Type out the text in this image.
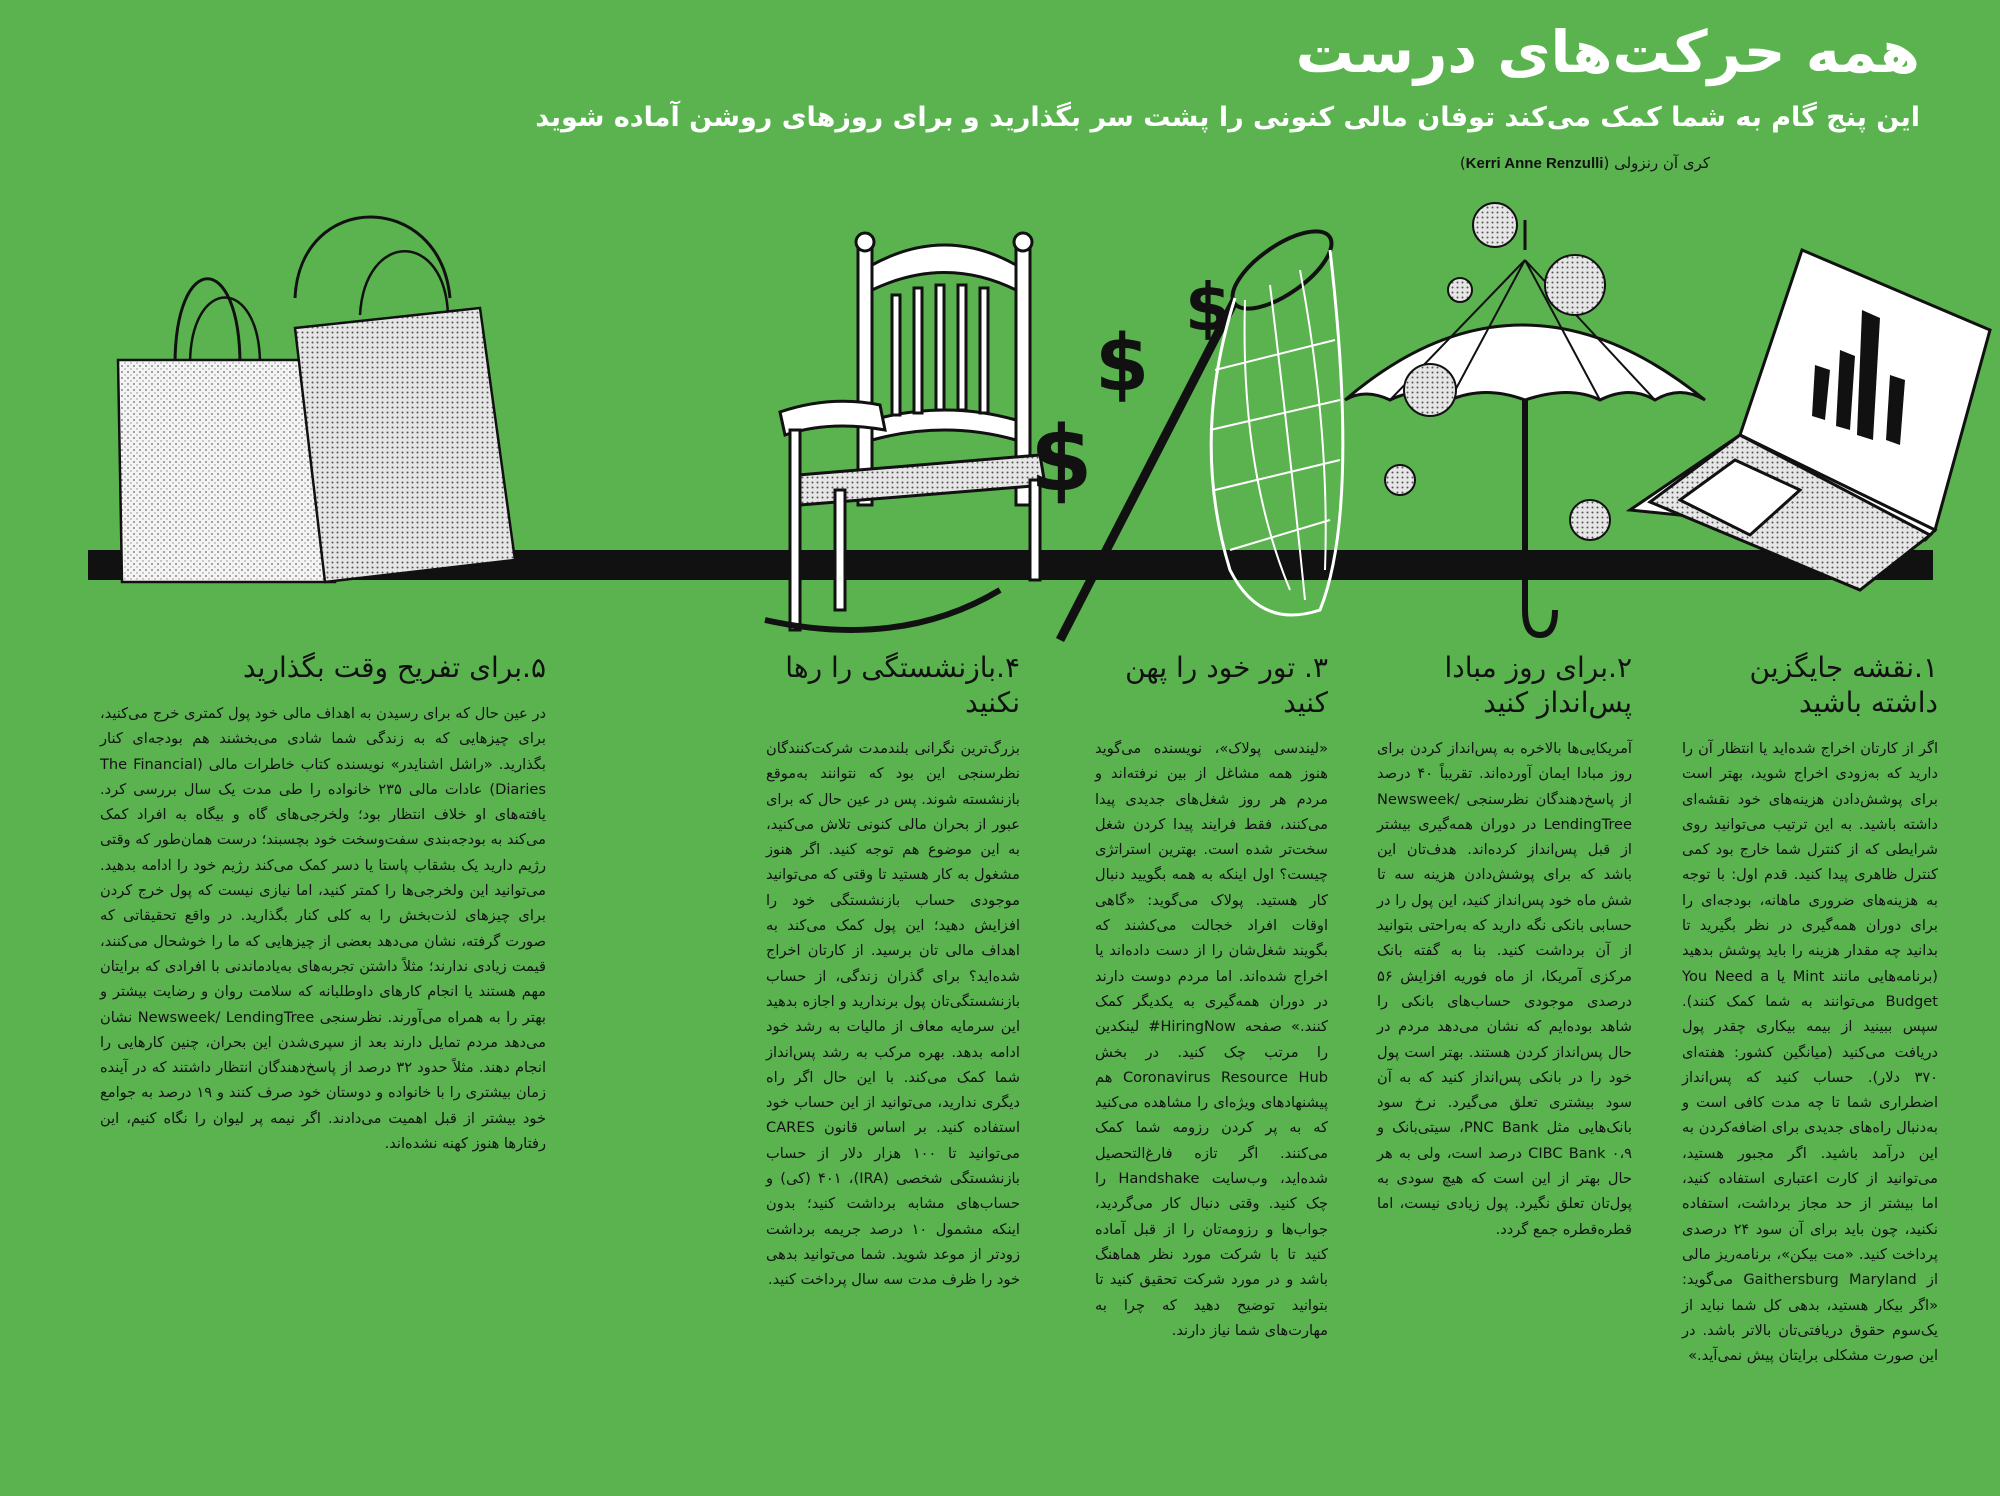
همه حرکت‌های درست

این پنج گام به شما کمک می‌کند توفان مالی کنونی را پشت سر بگذارید و برای روزهای روشن آماده شوید

کری آن رنزولی (Kerri Anne Renzulli)

$
$
$
۱.نقشه جایگزین داشته باشید

اگر از کارتان اخراج شده‌اید یا انتظار آن را دارید که به‌زودی اخراج شوید، بهتر است برای پوشش‌دادن هزینه‌های خود نقشه‌ای داشته باشید. به این ترتیب می‌توانید روی شرایطی که از کنترل شما خارج بود کمی کنترل ظاهری پیدا کنید. قدم اول: با توجه به هزینه‌های ضروری ماهانه، بودجه‌ای را برای دوران همه‌گیری در نظر بگیرید تا بدانید چه مقدار هزینه را باید پوشش بدهید (برنامه‌هایی مانند Mint یا You Need a Budget می‌توانند به شما کمک کنند). سپس ببینید از بیمه بیکاری چقدر پول دریافت می‌کنید (میانگین کشور: هفته‌ای ۳۷۰ دلار). حساب کنید که پس‌انداز اضطراری شما تا چه مدت کافی است و به‌دنبال راه‌های جدیدی برای اضافه‌کردن به این درآمد باشید. اگر مجبور هستید، می‌توانید از کارت اعتباری استفاده کنید، اما بیشتر از حد مجاز برداشت، استفاده نکنید، چون باید برای آن سود ۲۴ درصدی پرداخت کنید. «مت بیکن»، برنامه‌ریز مالی از Gaithersburg Maryland می‌گوید: «اگر بیکار هستید، بدهی کل شما نباید از یک‌سوم حقوق دریافتی‌تان بالاتر باشد. در این صورت مشکلی برایتان پیش نمی‌آید.»

۲.برای روز مبادا پس‌انداز کنید

آمریکایی‌ها بالاخره به پس‌انداز کردن برای روز مبادا ایمان آورده‌اند. تقریباً ۴۰ درصد از پاسخ‌دهندگان نظرسنجی Newsweek/ LendingTree در دوران همه‌گیری بیشتر از قبل پس‌انداز کرده‌اند. هدف‌تان این باشد که برای پوشش‌دادن هزینه سه تا شش ماه خود پس‌انداز کنید، این پول را در حسابی بانکی نگه دارید که به‌راحتی بتوانید از آن برداشت کنید. بنا به گفته بانک مرکزی آمریکا، از ماه فوریه افزایش ۵۶ درصدی موجودی حساب‌های بانکی را شاهد بوده‌ایم که نشان می‌دهد مردم در حال پس‌انداز کردن هستند. بهتر است پول خود را در بانکی پس‌انداز کنید که به آن سود بیشتری تعلق می‌گیرد. نرخ سود بانک‌هایی مثل PNC Bank، سیتی‌بانک و CIBC Bank ۰،۹ درصد است، ولی به هر حال بهتر از این است که هیچ سودی به پول‌تان تعلق نگیرد. پول زیادی نیست، اما قطره‌قطره جمع گردد.

۳. تور خود را پهن کنید

«لیندسی پولاک»، نویسنده می‌گوید هنوز همه مشاغل از بین نرفته‌اند و مردم هر روز شغل‌های جدیدی پیدا می‌کنند، فقط فرایند پیدا کردن شغل سخت‌تر شده است. بهترین استراتژی چیست؟ اول اینکه به همه بگویید دنبال کار هستید. پولاک می‌گوید: «گاهی اوقات افراد خجالت می‌کشند که بگویند شغل‌شان را از دست داده‌اند یا اخراج شده‌اند. اما مردم دوست دارند در دوران همه‌گیری به یکدیگر کمک کنند.» صفحه HiringNow# لینکدین را مرتب چک کنید. در بخش Coronavirus Resource Hub هم پیشنهادهای ویژه‌ای را مشاهده می‌کنید که به پر کردن رزومه شما کمک می‌کنند. اگر تازه فارغ‌التحصیل شده‌اید، وب‌سایت Handshake را چک کنید. وقتی دنبال کار می‌گردید، جواب‌ها و رزومه‌تان را از قبل آماده کنید تا با شرکت مورد نظر هماهنگ باشد و در مورد شرکت تحقیق کنید تا بتوانید توضیح دهید که چرا به مهارت‌های شما نیاز دارند.

۴.بازنشستگی را رها نکنید

بزرگ‌ترین نگرانی بلندمدت شرکت‌کنندگان نظرسنجی این بود که نتوانند به‌موقع بازنشسته شوند. پس در عین حال که برای عبور از بحران مالی کنونی تلاش می‌کنید، به این موضوع هم توجه کنید. اگر هنوز مشغول به کار هستید تا وقتی که می‌توانید موجودی حساب بازنشستگی خود را افزایش دهید؛ این پول کمک می‌کند به اهداف مالی تان برسید. از کارتان اخراج شده‌اید؟ برای گذران زندگی، از حساب بازنشستگی‌تان پول برندارید و اجازه بدهید این سرمایه معاف از مالیات به رشد خود ادامه بدهد. بهره مرکب به رشد پس‌انداز شما کمک می‌کند. با این حال اگر راه دیگری ندارید، می‌توانید از این حساب خود استفاده کنید. بر اساس قانون CARES می‌توانید تا ۱۰۰ هزار دلار از حساب بازنشستگی شخصی (IRA)، ۴۰۱ (کی) و حساب‌های مشابه برداشت کنید؛ بدون اینکه مشمول ۱۰ درصد جریمه برداشت زودتر از موعد شوید. شما می‌توانید بدهی خود را ظرف مدت سه سال پرداخت کنید.

۵.برای تفریح وقت بگذارید

در عین حال که برای رسیدن به اهداف مالی خود پول کمتری خرج می‌کنید، برای چیزهایی که به زندگی شما شادی می‌بخشند هم بودجه‌ای کنار بگذارید. «راشل اشنایدر» نویسنده کتاب خاطرات مالی (The Financial Diaries) عادات مالی ۲۳۵ خانواده را طی مدت یک سال بررسی کرد. یافته‌های او خلاف انتظار بود؛ ولخرجی‌های گاه و بیگاه به افراد کمک می‌کند به بودجه‌بندی سفت‌وسخت خود بچسبند؛ درست همان‌طور که وقتی رژیم دارید یک بشقاب پاستا یا دسر کمک می‌کند رژیم خود را ادامه بدهید. می‌توانید این ولخرجی‌ها را کمتر کنید، اما نیازی نیست که پول خرج کردن برای چیزهای لذت‌بخش را به کلی کنار بگذارید. در واقع تحقیقاتی که صورت گرفته، نشان می‌دهد بعضی از چیزهایی که ما را خوشحال می‌کنند، قیمت زیادی ندارند؛ مثلاً داشتن تجربه‌های به‌یادماندنی با افرادی که برایتان مهم هستند یا انجام کارهای داوطلبانه که سلامت روان و رضایت بیشتر و بهتر را به همراه می‌آورند. نظرسنجی Newsweek/ LendingTree نشان می‌دهد مردم تمایل دارند بعد از سپری‌شدن این بحران، چنین کارهایی را انجام دهند. مثلاً حدود ۳۲ درصد از پاسخ‌دهندگان انتظار داشتند که در آینده زمان بیشتری را با خانواده و دوستان خود صرف کنند و ۱۹ درصد به جوامع خود بیشتر از قبل اهمیت می‌دادند. اگر نیمه پر لیوان را نگاه کنیم، این رفتارها هنوز کهنه نشده‌اند.
